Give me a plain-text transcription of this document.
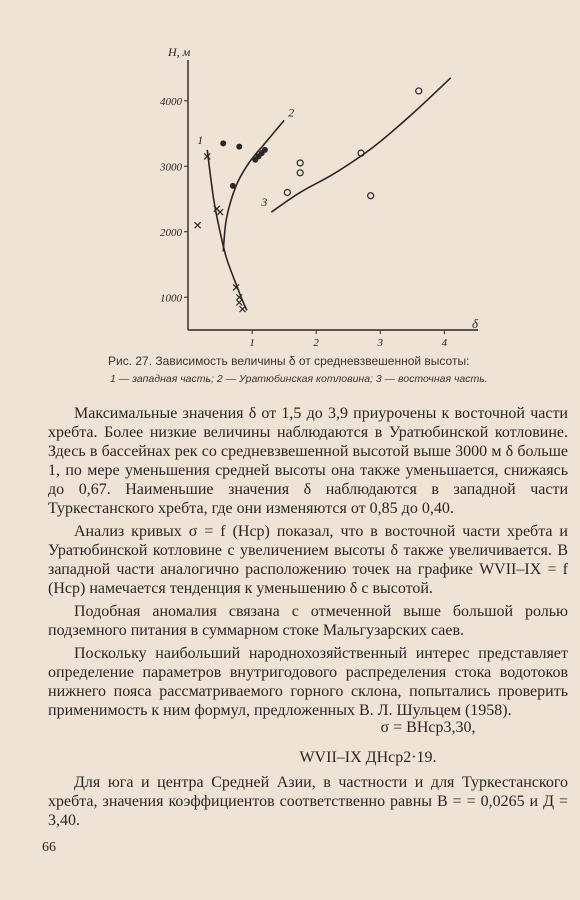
1000
2000
3000
4000
1	2	3	4
H, м
δ
1
2
3
Рис. 27. Зависимость величины δ от средневзвешенной высоты:
1 — западная часть; 2 — Уратюбинская котловина; 3 — восточная часть.

Максимальные значения δ от 1,5 до 3,9 приурочены к восточной части хребта. Более низкие величины наблюдаются в Уратюбинской котловине. Здесь в бассейнах рек со средневзвешенной высотой выше 3000 м δ больше 1, по мере уменьшения средней высоты она также уменьшается, снижаясь до 0,67. Наименьшие значения δ наблюдаются в западной части Туркестанского хребта, где они изменяются от 0,85 до 0,40.

Анализ кривых σ = f (Hср) показал, что в восточной части хребта и Уратюбинской котловине с увеличением высоты δ также увеличивается. В западной части аналогично расположению точек на графике WVII–IX = f (Hср) намечается тенденция к уменьшению δ с высотой.

Подобная аномалия связана с отмеченной выше большой ролью подземного питания в суммарном стоке Мальгузарских саев.

Поскольку наибольший народнохозяйственный интерес представляет определение параметров внутригодового распределения стока водотоков нижнего пояса рассматриваемого горного склона, попытались проверить применимость к ним формул, предложенных В. Л. Шульцем (1958).

σ = BHср3,30,
WVII–IX ДHср2·19.

Для юга и центра Средней Азии, в частности и для Туркестанского хребта, значения коэффициентов соответственно равны B = = 0,0265 и Д = 3,40.

66
